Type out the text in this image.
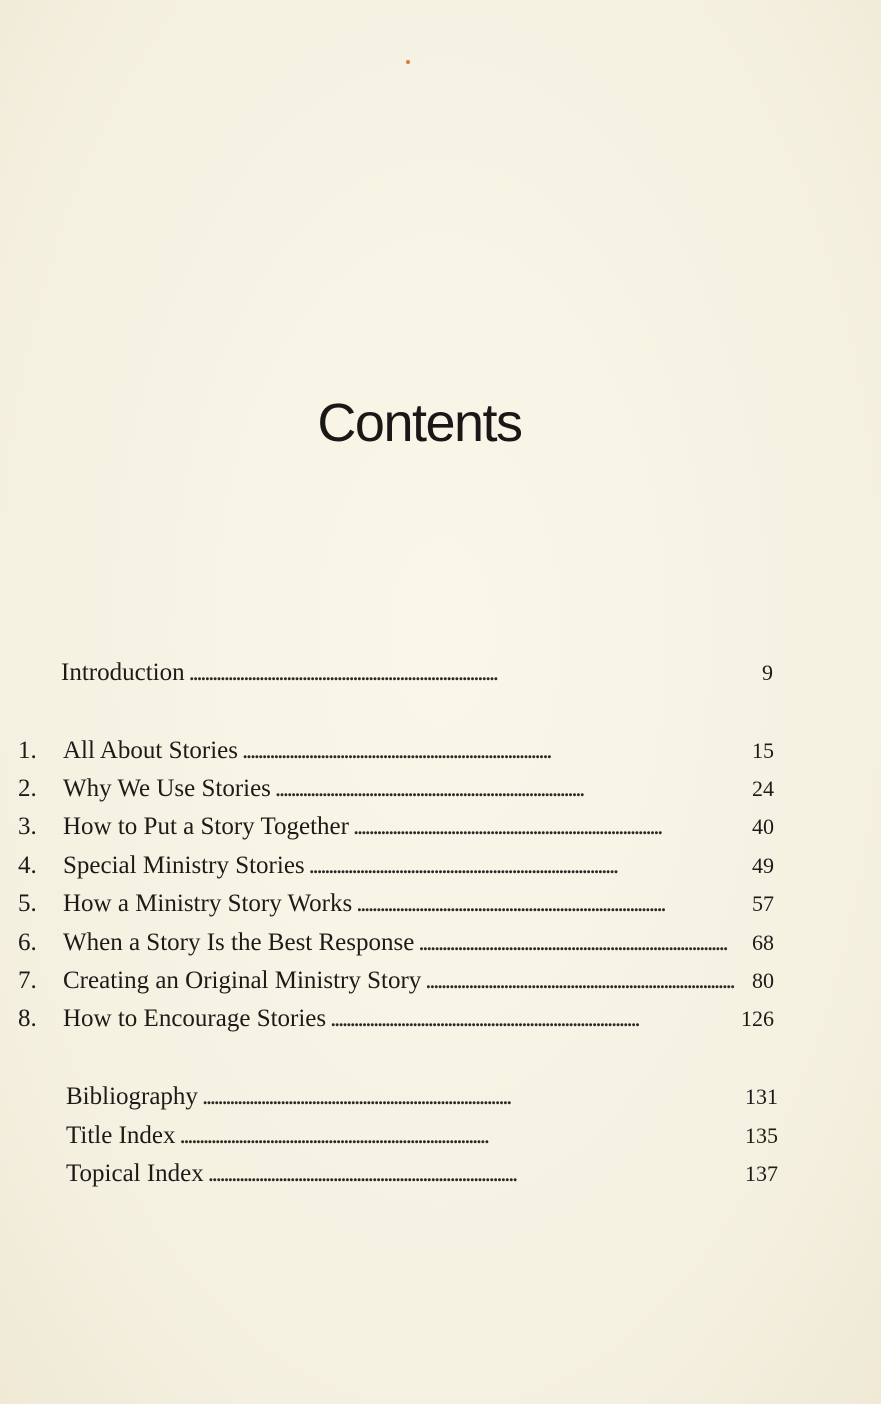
Contents
Introduction . . .	9
1.	All About Stories . . .	15
2.	Why We Use Stories . . .	24
3.	How to Put a Story Together . . .	40
4.	Special Ministry Stories . . .	49
5.	How a Ministry Story Works . . .	57
6.	When a Story Is the Best Response . . .	68
7.	Creating an Original Ministry Story . . .	80
8.	How to Encourage Stories . . .	126
Bibliography . . .	131
Title Index . . .	135
Topical Index . . .	137
